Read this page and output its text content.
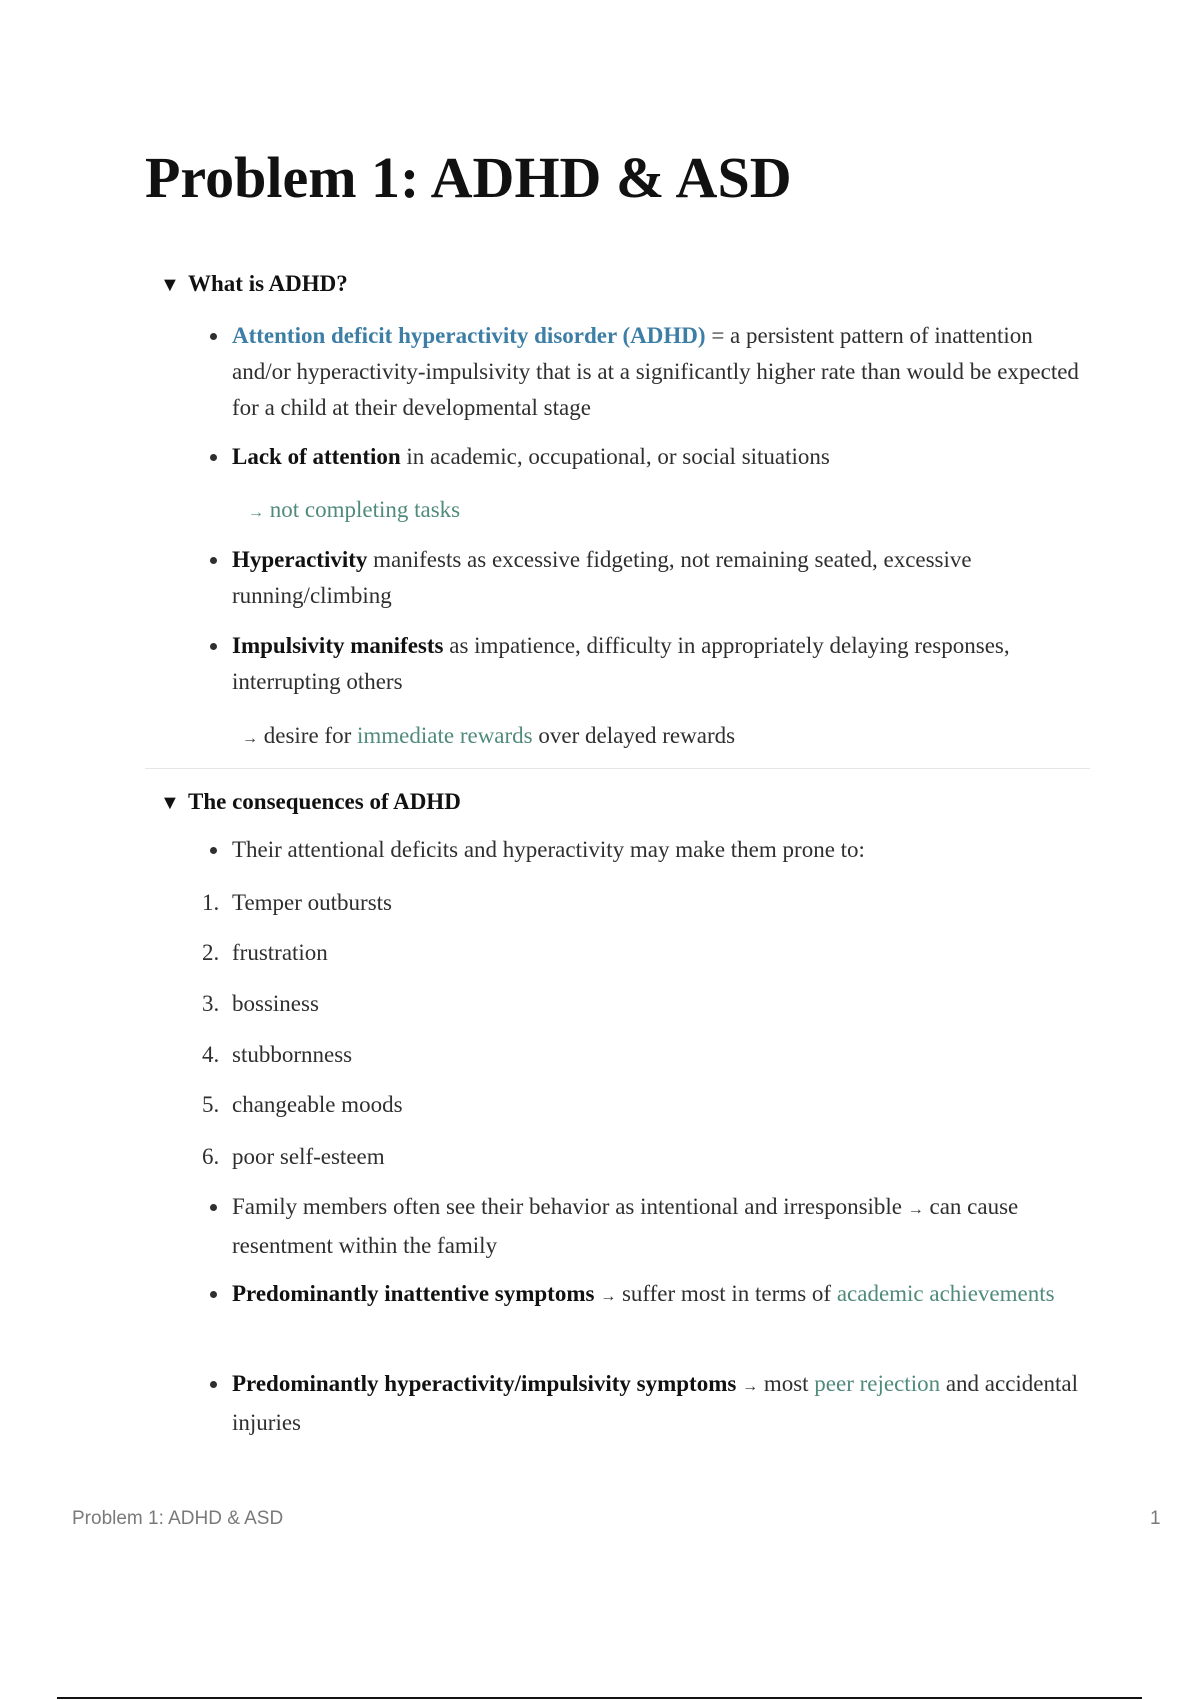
Problem 1: ADHD & ASD
▼ What is ADHD?
Attention deficit hyperactivity disorder (ADHD) = a persistent pattern of inattention and/or hyperactivity-impulsivity that is at a significantly higher rate than would be expected for a child at their developmental stage
Lack of attention in academic, occupational, or social situations
→ not completing tasks
Hyperactivity manifests as excessive fidgeting, not remaining seated, excessive running/climbing
Impulsivity manifests as impatience, difficulty in appropriately delaying responses, interrupting others
→ desire for immediate rewards over delayed rewards
▼ The consequences of ADHD
Their attentional deficits and hyperactivity may make them prone to:
1. Temper outbursts
2. frustration
3. bossiness
4. stubbornness
5. changeable moods
6. poor self-esteem
Family members often see their behavior as intentional and irresponsible → can cause resentment within the family
Predominantly inattentive symptoms → suffer most in terms of academic achievements
Predominantly hyperactivity/impulsivity symptoms → most peer rejection and accidental injuries
Problem 1: ADHD & ASD	1
